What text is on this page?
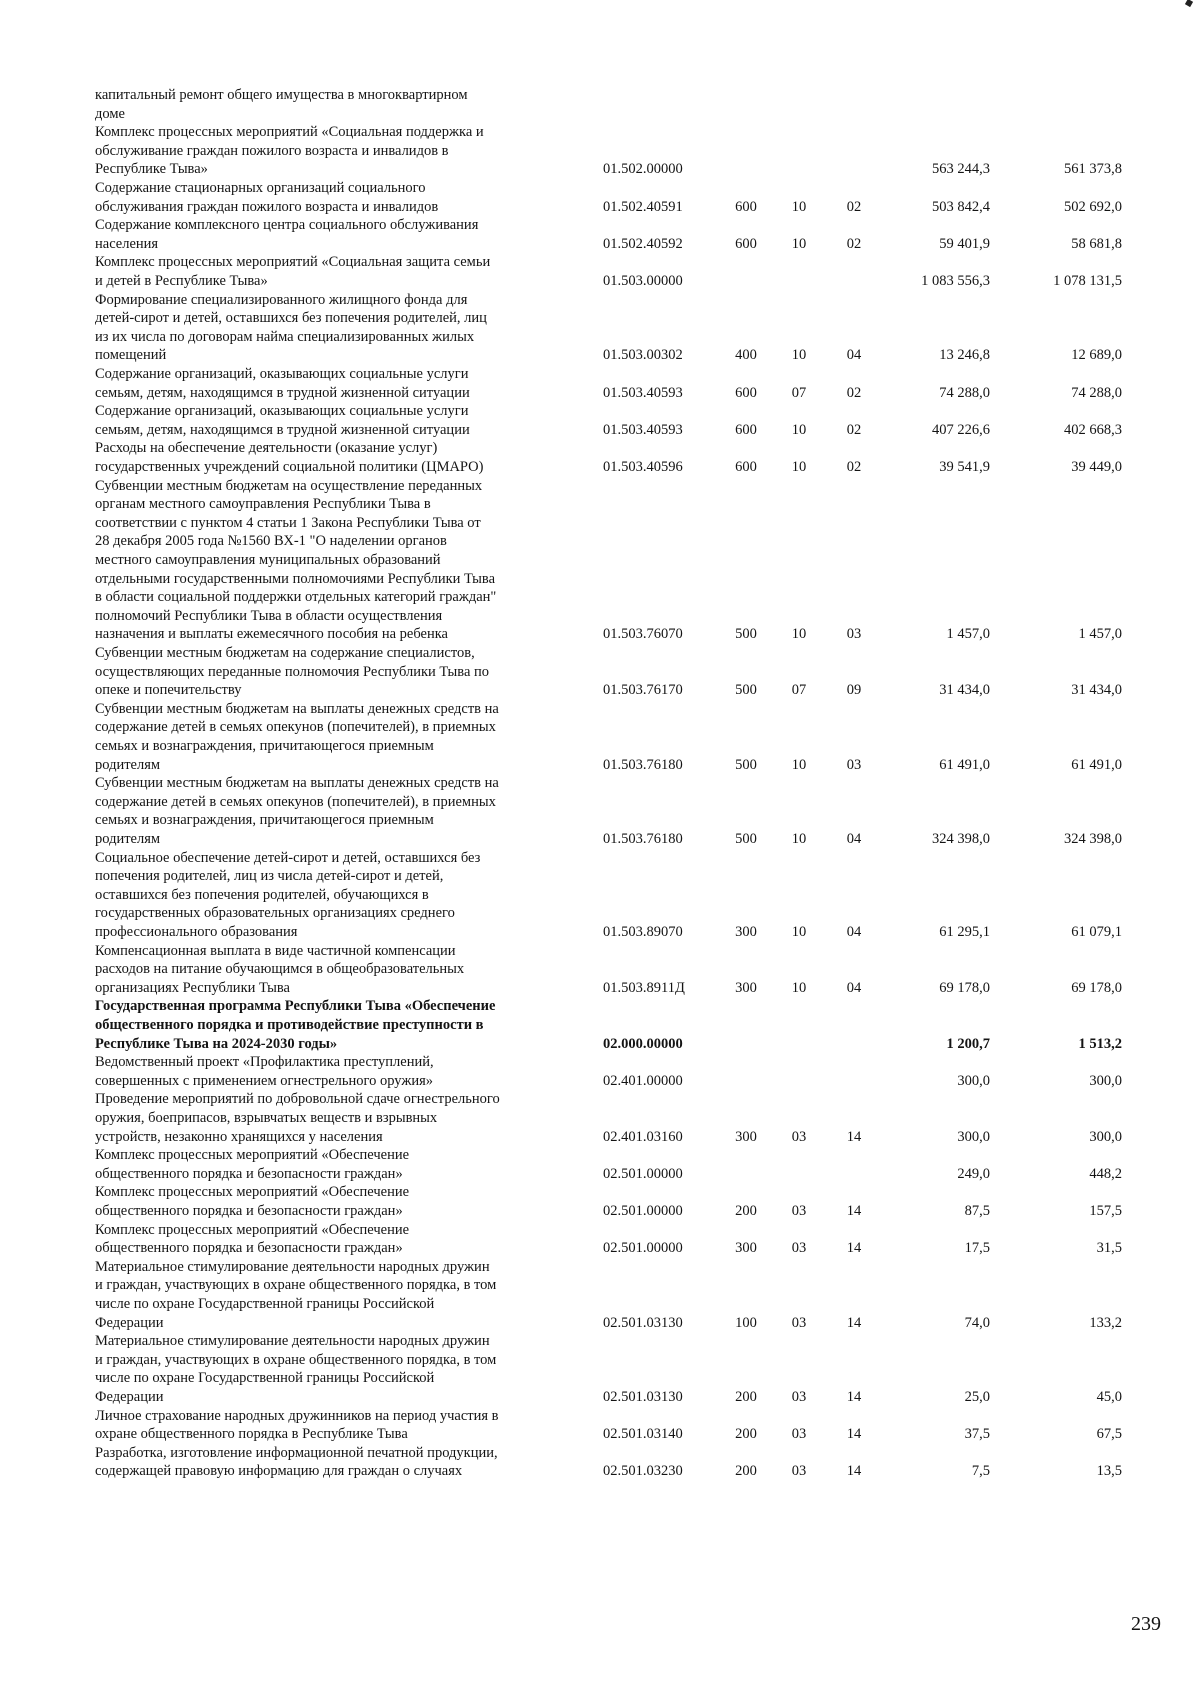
капитальный ремонт общего имущества в многоквартирном
доме
Комплекс процессных мероприятий «Социальная поддержка и
обслуживание граждан пожилого возраста и инвалидов в
Республике Тыва»	01.502.00000	563 244,3	561 373,8
Содержание стационарных организаций социального
обслуживания граждан пожилого возраста и инвалидов	01.502.40591	600	10	02	503 842,4	502 692,0
Содержание комплексного центра социального обслуживания
населения	01.502.40592	600	10	02	59 401,9	58 681,8
Комплекс процессных мероприятий «Социальная защита семьи
и детей в Республике Тыва»	01.503.00000	1 083 556,3	1 078 131,5
Формирование специализированного жилищного фонда для
детей-сирот и детей, оставшихся без попечения родителей, лиц
из их числа по договорам найма специализированных жилых
помещений	01.503.00302	400	10	04	13 246,8	12 689,0
Содержание организаций, оказывающих социальные услуги
семьям, детям, находящимся в трудной жизненной ситуации	01.503.40593	600	07	02	74 288,0	74 288,0
Содержание организаций, оказывающих социальные услуги
семьям, детям, находящимся в трудной жизненной ситуации	01.503.40593	600	10	02	407 226,6	402 668,3
Расходы на обеспечение деятельности (оказание услуг)
государственных учреждений социальной политики (ЦМАРО)	01.503.40596	600	10	02	39 541,9	39 449,0
Субвенции местным бюджетам на осуществление переданных
органам местного самоуправления Республики Тыва в
соответствии с пунктом 4 статьи 1 Закона Республики Тыва от
28 декабря 2005 года №1560 ВХ-1 "О наделении органов
местного самоуправления муниципальных образований
отдельными государственными полномочиями Республики Тыва
в области социальной поддержки отдельных категорий граждан"
полномочий Республики Тыва в области осуществления
назначения и выплаты ежемесячного пособия на ребенка	01.503.76070	500	10	03	1 457,0	1 457,0
Субвенции местным бюджетам на содержание специалистов,
осуществляющих переданные полномочия Республики Тыва по
опеке и попечительству	01.503.76170	500	07	09	31 434,0	31 434,0
Субвенции местным бюджетам на выплаты денежных средств на
содержание детей в семьях опекунов (попечителей), в приемных
семьях и вознаграждения, причитающегося приемным
родителям	01.503.76180	500	10	03	61 491,0	61 491,0
Субвенции местным бюджетам на выплаты денежных средств на
содержание детей в семьях опекунов (попечителей), в приемных
семьях и вознаграждения, причитающегося приемным
родителям	01.503.76180	500	10	04	324 398,0	324 398,0
Социальное обеспечение детей-сирот и детей, оставшихся без
попечения родителей, лиц из числа детей-сирот и детей,
оставшихся без попечения родителей, обучающихся в
государственных образовательных организациях среднего
профессионального образования	01.503.89070	300	10	04	61 295,1	61 079,1
Компенсационная выплата в виде частичной компенсации
расходов на питание обучающимся в общеобразовательных
организациях Республики Тыва	01.503.8911Д	300	10	04	69 178,0	69 178,0
Государственная программа Республики Тыва «Обеспечение
общественного порядка и противодействие преступности в
Республике Тыва на 2024-2030 годы»	02.000.00000	1 200,7	1 513,2
Ведомственный проект «Профилактика преступлений,
совершенных с применением огнестрельного оружия»	02.401.00000	300,0	300,0
Проведение мероприятий по добровольной сдаче огнестрельного
оружия, боеприпасов, взрывчатых веществ и взрывных
устройств, незаконно хранящихся у населения	02.401.03160	300	03	14	300,0	300,0
Комплекс процессных мероприятий «Обеспечение
общественного порядка и безопасности граждан»	02.501.00000	249,0	448,2
Комплекс процессных мероприятий «Обеспечение
общественного порядка и безопасности граждан»	02.501.00000	200	03	14	87,5	157,5
Комплекс процессных мероприятий «Обеспечение
общественного порядка и безопасности граждан»	02.501.00000	300	03	14	17,5	31,5
Материальное стимулирование деятельности народных дружин
и граждан, участвующих в охране общественного порядка, в том
числе по охране Государственной границы Российской
Федерации	02.501.03130	100	03	14	74,0	133,2
Материальное стимулирование деятельности народных дружин
и граждан, участвующих в охране общественного порядка, в том
числе по охране Государственной границы Российской
Федерации	02.501.03130	200	03	14	25,0	45,0
Личное страхование народных дружинников на период участия в
охране общественного порядка в Республике Тыва	02.501.03140	200	03	14	37,5	67,5
Разработка, изготовление информационной печатной продукции,
содержащей правовую информацию для граждан о случаях	02.501.03230	200	03	14	7,5	13,5
239
